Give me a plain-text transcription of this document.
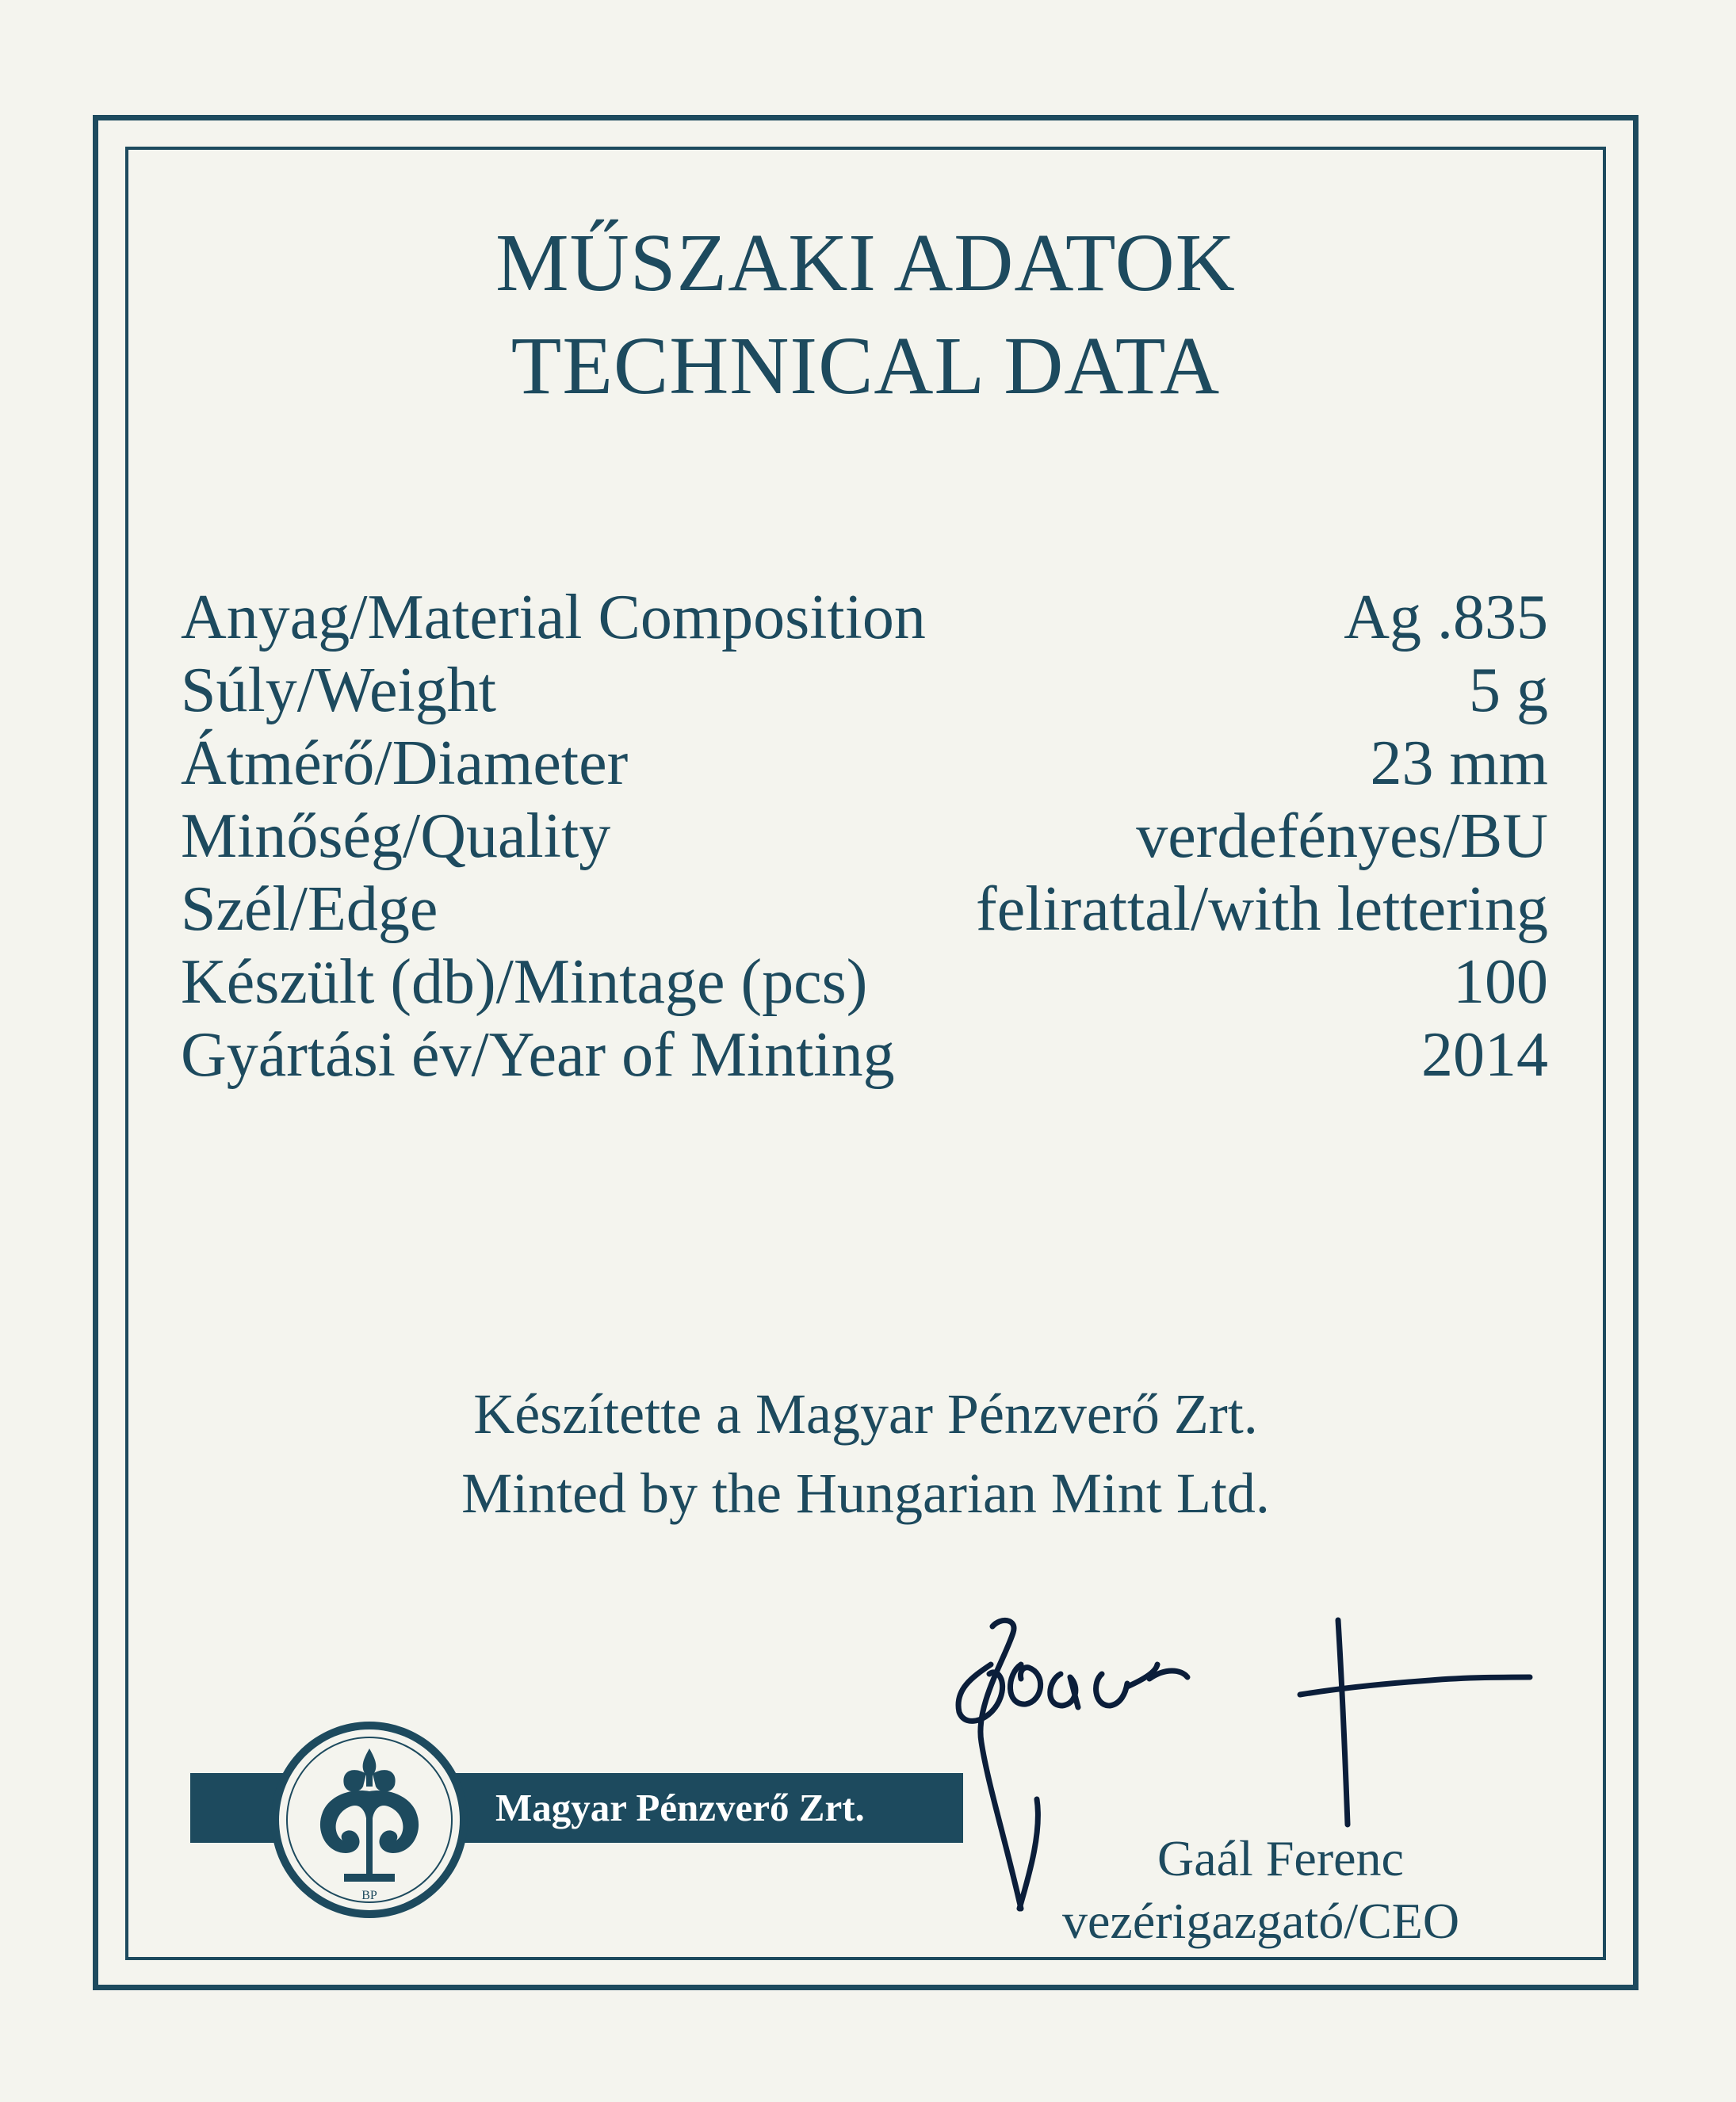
MŰSZAKI ADATOK
TECHNICAL DATA
Anyag/Material Composition	Ag .835
Súly/Weight	5 g
Átmérő/Diameter	23 mm
Minőség/Quality	verdefényes/BU
Szél/Edge	felirattal/with lettering
Készült (db)/Mintage (pcs)	100
Gyártási év/Year of Minting	2014
Készítette a Magyar Pénzverő Zrt.
Minted by the Hungarian Mint Ltd.
Magyar Pénzverő Zrt.
BP
Gaál Ferenc
vezérigazgató/CEO
